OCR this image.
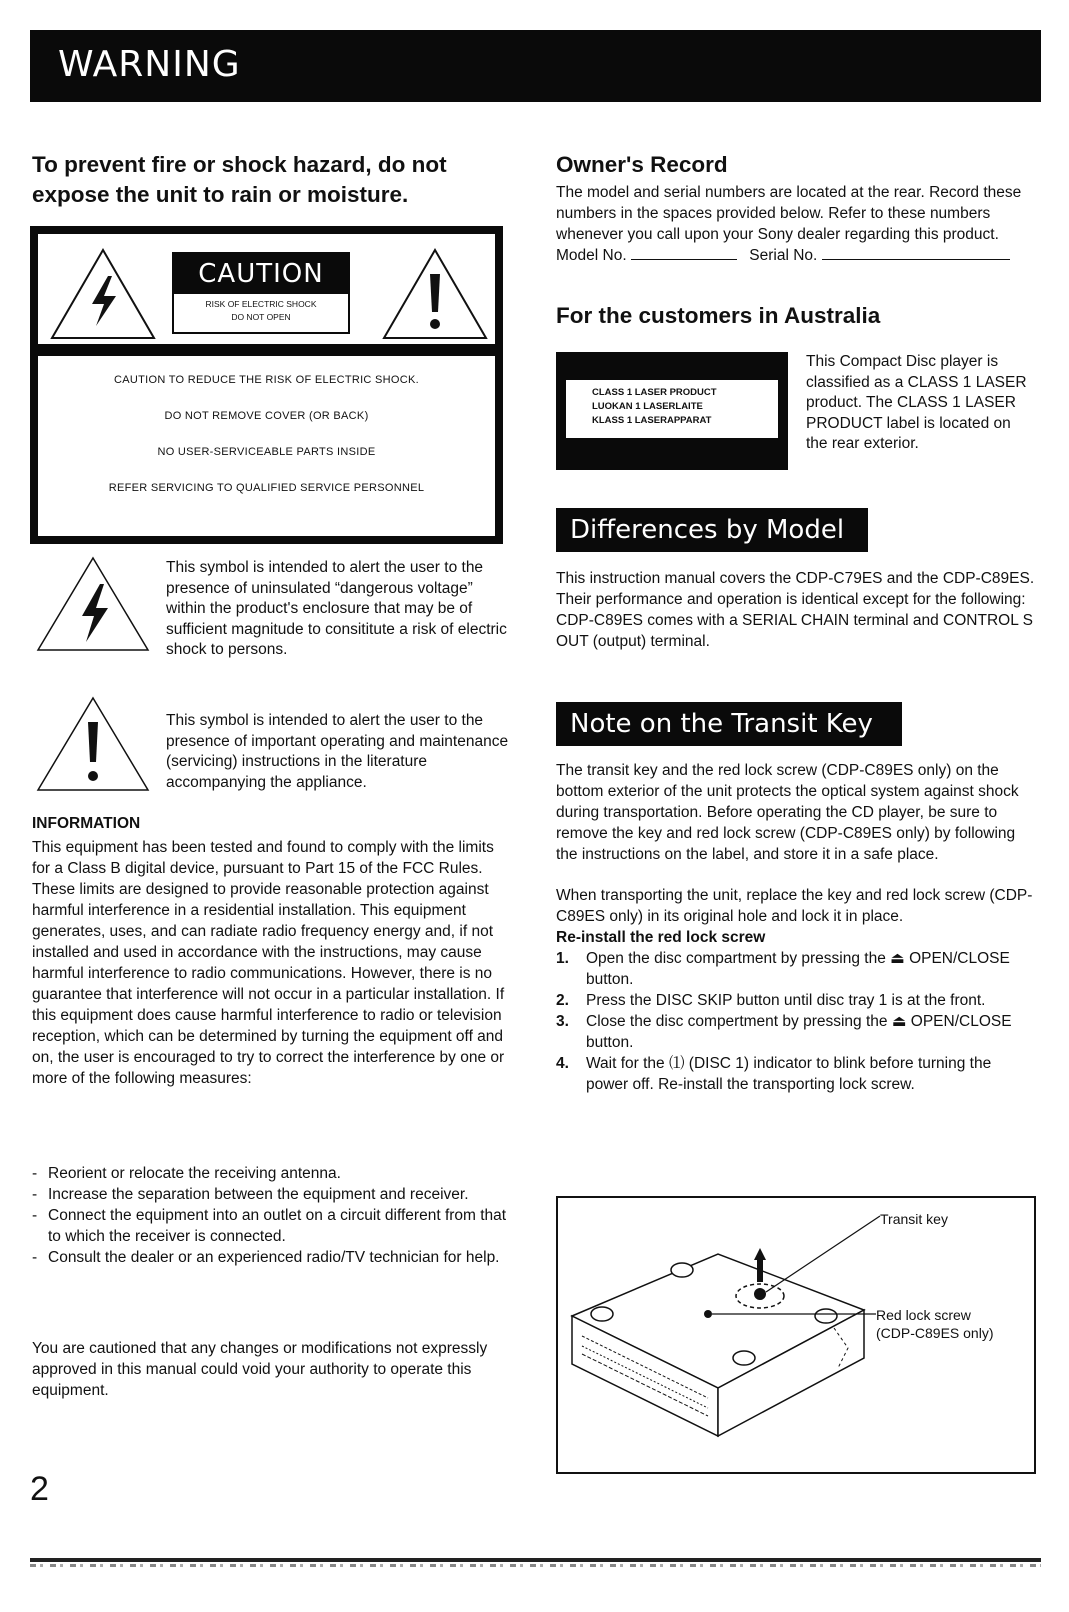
WARNING
To prevent fire or shock hazard, do not expose the unit to rain or moisture.
CAUTION
RISK OF ELECTRIC SHOCK
DO NOT OPEN
CAUTION TO REDUCE THE RISK OF ELECTRIC SHOCK.
DO NOT REMOVE COVER (OR BACK)
NO USER-SERVICEABLE PARTS INSIDE
REFER SERVICING TO QUALIFIED SERVICE PERSONNEL
This symbol is intended to alert the user to the presence of uninsulated “dangerous voltage” within the product's enclosure that may be of sufficient magnitude to consititute a risk of electric shock to persons.
This symbol is intended to alert the user to the presence of important operating and maintenance (servicing) instructions in the literature accompanying the appliance.
INFORMATION
This equipment has been tested and found to comply with the limits for a Class B digital device, pursuant to Part 15 of the FCC Rules. These limits are designed to provide reasonable protection against harmful interference in a residential installation. This equipment generates, uses, and can radiate radio frequency energy and, if not installed and used in accordance with the instructions, may cause harmful interference to radio communications. However, there is no guarantee that interference will not occur in a particular installation. If this equipment does cause harmful interference to radio or television reception, which can be determined by turning the equipment off and on, the user is encouraged to try to correct the interference by one or more of the following measures:
- Reorient or relocate the receiving antenna.
- Increase the separation between the equipment and receiver.
- Connect the equipment into an outlet on a circuit different from that to which the receiver is connected.
- Consult the dealer or an experienced radio/TV technician for help.
You are cautioned that any changes or modifications not expressly approved in this manual could void your authority to operate this equipment.
2
Owner's Record
The model and serial numbers are located at the rear. Record these numbers in the spaces provided below. Refer to these numbers whenever you call upon your Sony dealer regarding this product.
Model No.	Serial No.
For the customers in Australia
CLASS 1 LASER PRODUCT
LUOKAN 1 LASERLAITE
KLASS 1 LASERAPPARAT
This Compact Disc player is classified as a CLASS 1 LASER product. The CLASS 1 LASER PRODUCT label is located on the rear exterior.
Differences by Model
This instruction manual covers the CDP-C79ES and the CDP-C89ES. Their performance and operation is identical except for the following:
CDP-C89ES comes with a SERIAL CHAIN terminal and CONTROL S OUT (output) terminal.
Note on the Transit Key
The transit key and the red lock screw (CDP-C89ES only) on the bottom exterior of the unit protects the optical system against shock during transportation. Before operating the CD player, be sure to remove the key and red lock screw (CDP-C89ES only) by following the instructions on the label, and store it in a safe place.
When transporting the unit, replace the key and red lock screw (CDP-C89ES only) in its original hole and lock it in place.
Re-install the red lock screw
1. Open the disc compartment by pressing the ⏏ OPEN/CLOSE button.
2. Press the DISC SKIP button until disc tray 1 is at the front.
3. Close the disc compertment by pressing the ⏏ OPEN/CLOSE button.
4. Wait for the ⑴ (DISC 1) indicator to blink before turning the power off. Re-install the transporting lock screw.
Transit key
Red lock screw
(CDP-C89ES only)
